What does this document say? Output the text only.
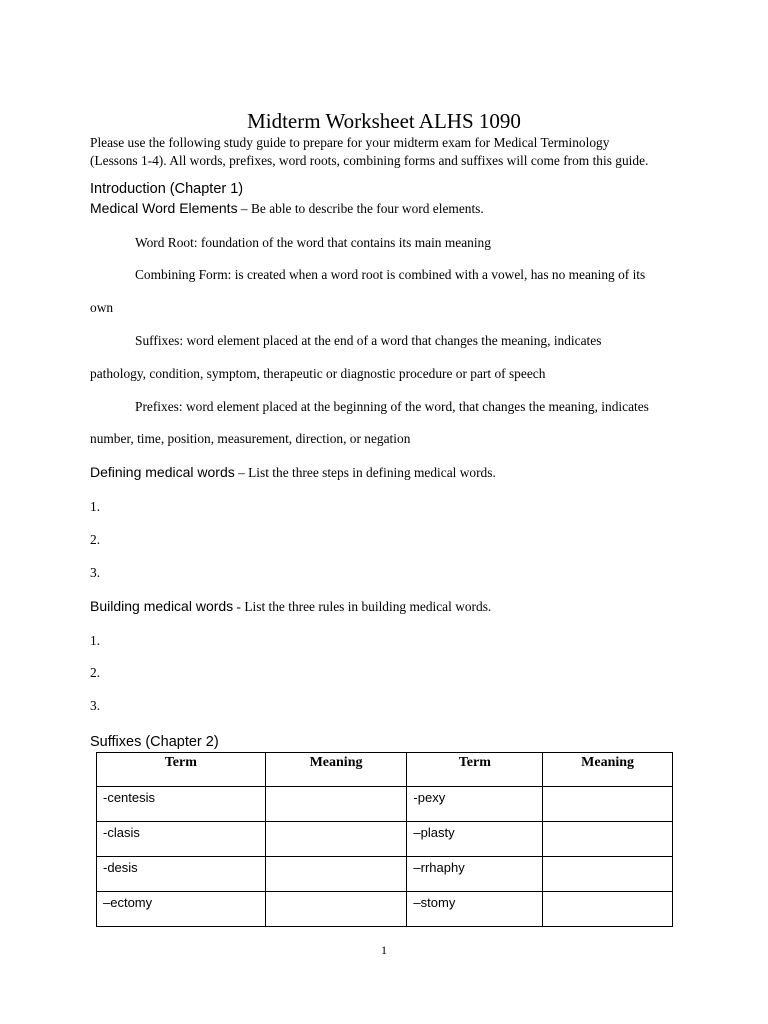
Midterm Worksheet ALHS 1090
Please use the following study guide to prepare for your midterm exam for Medical Terminology
(Lessons 1-4). All words, prefixes, word roots, combining forms and suffixes will come from this guide.
Introduction (Chapter 1)
Medical Word Elements – Be able to describe the four word elements.
Word Root: foundation of the word that contains its main meaning
Combining Form: is created when a word root is combined with a vowel, has no meaning of its
own
Suffixes: word element placed at the end of a word that changes the meaning, indicates
pathology, condition, symptom, therapeutic or diagnostic procedure or part of speech
Prefixes: word element placed at the beginning of the word, that changes the meaning, indicates
number, time, position, measurement, direction, or negation
Defining medical words – List the three steps in defining medical words.
1.
2.
3.
Building medical words - List the three rules in building medical words.
1.
2.
3.
Suffixes (Chapter 2)
Term	Meaning	Term	Meaning
-centesis		-pexy	
-clasis		–plasty	
-desis		–rrhaphy	
–ectomy		–stomy	
1
